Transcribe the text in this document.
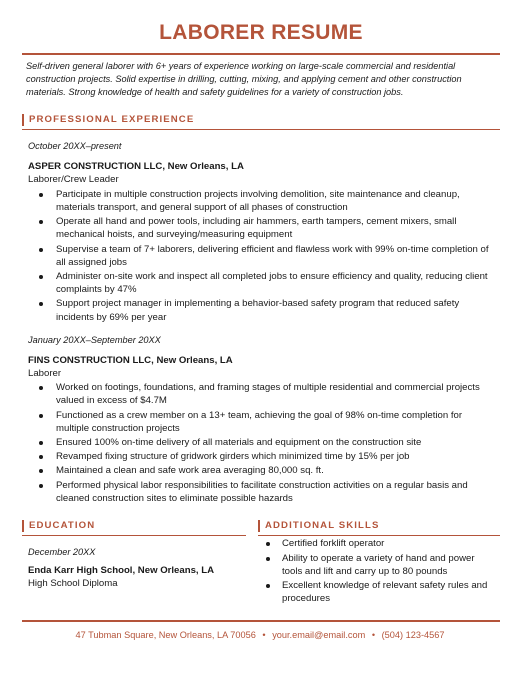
LABORER RESUME
Self-driven general laborer with 6+ years of experience working on large-scale commercial and residential construction projects. Solid expertise in drilling, cutting, mixing, and applying cement and other construction materials. Strong knowledge of health and safety guidelines for a variety of construction jobs.
PROFESSIONAL EXPERIENCE
October 20XX–present
ASPER CONSTRUCTION LLC, New Orleans, LA
Laborer/Crew Leader
Participate in multiple construction projects involving demolition, site maintenance and cleanup, materials transport, and general support of all phases of construction
Operate all hand and power tools, including air hammers, earth tampers, cement mixers, small mechanical hoists, and surveying/measuring equipment
Supervise a team of 7+ laborers, delivering efficient and flawless work with 99% on-time completion of all assigned jobs
Administer on-site work and inspect all completed jobs to ensure efficiency and quality, reducing client complaints by 47%
Support project manager in implementing a behavior-based safety program that reduced safety incidents by 69% per year
January 20XX–September 20XX
FINS CONSTRUCTION LLC, New Orleans, LA
Laborer
Worked on footings, foundations, and framing stages of multiple residential and commercial projects valued in excess of $4.7M
Functioned as a crew member on a 13+ team, achieving the goal of 98% on-time completion for multiple construction projects
Ensured 100% on-time delivery of all materials and equipment on the construction site
Revamped fixing structure of gridwork girders which minimized time by 15% per job
Maintained a clean and safe work area averaging 80,000 sq. ft.
Performed physical labor responsibilities to facilitate construction activities on a regular basis and cleaned construction sites to eliminate possible hazards
EDUCATION
December 20XX
Enda Karr High School, New Orleans, LA
High School Diploma
ADDITIONAL SKILLS
Certified forklift operator
Ability to operate a variety of hand and power tools and lift and carry up to 80 pounds
Excellent knowledge of relevant safety rules and procedures
47 Tubman Square, New Orleans, LA 70056 • your.email@email.com • (504) 123-4567
